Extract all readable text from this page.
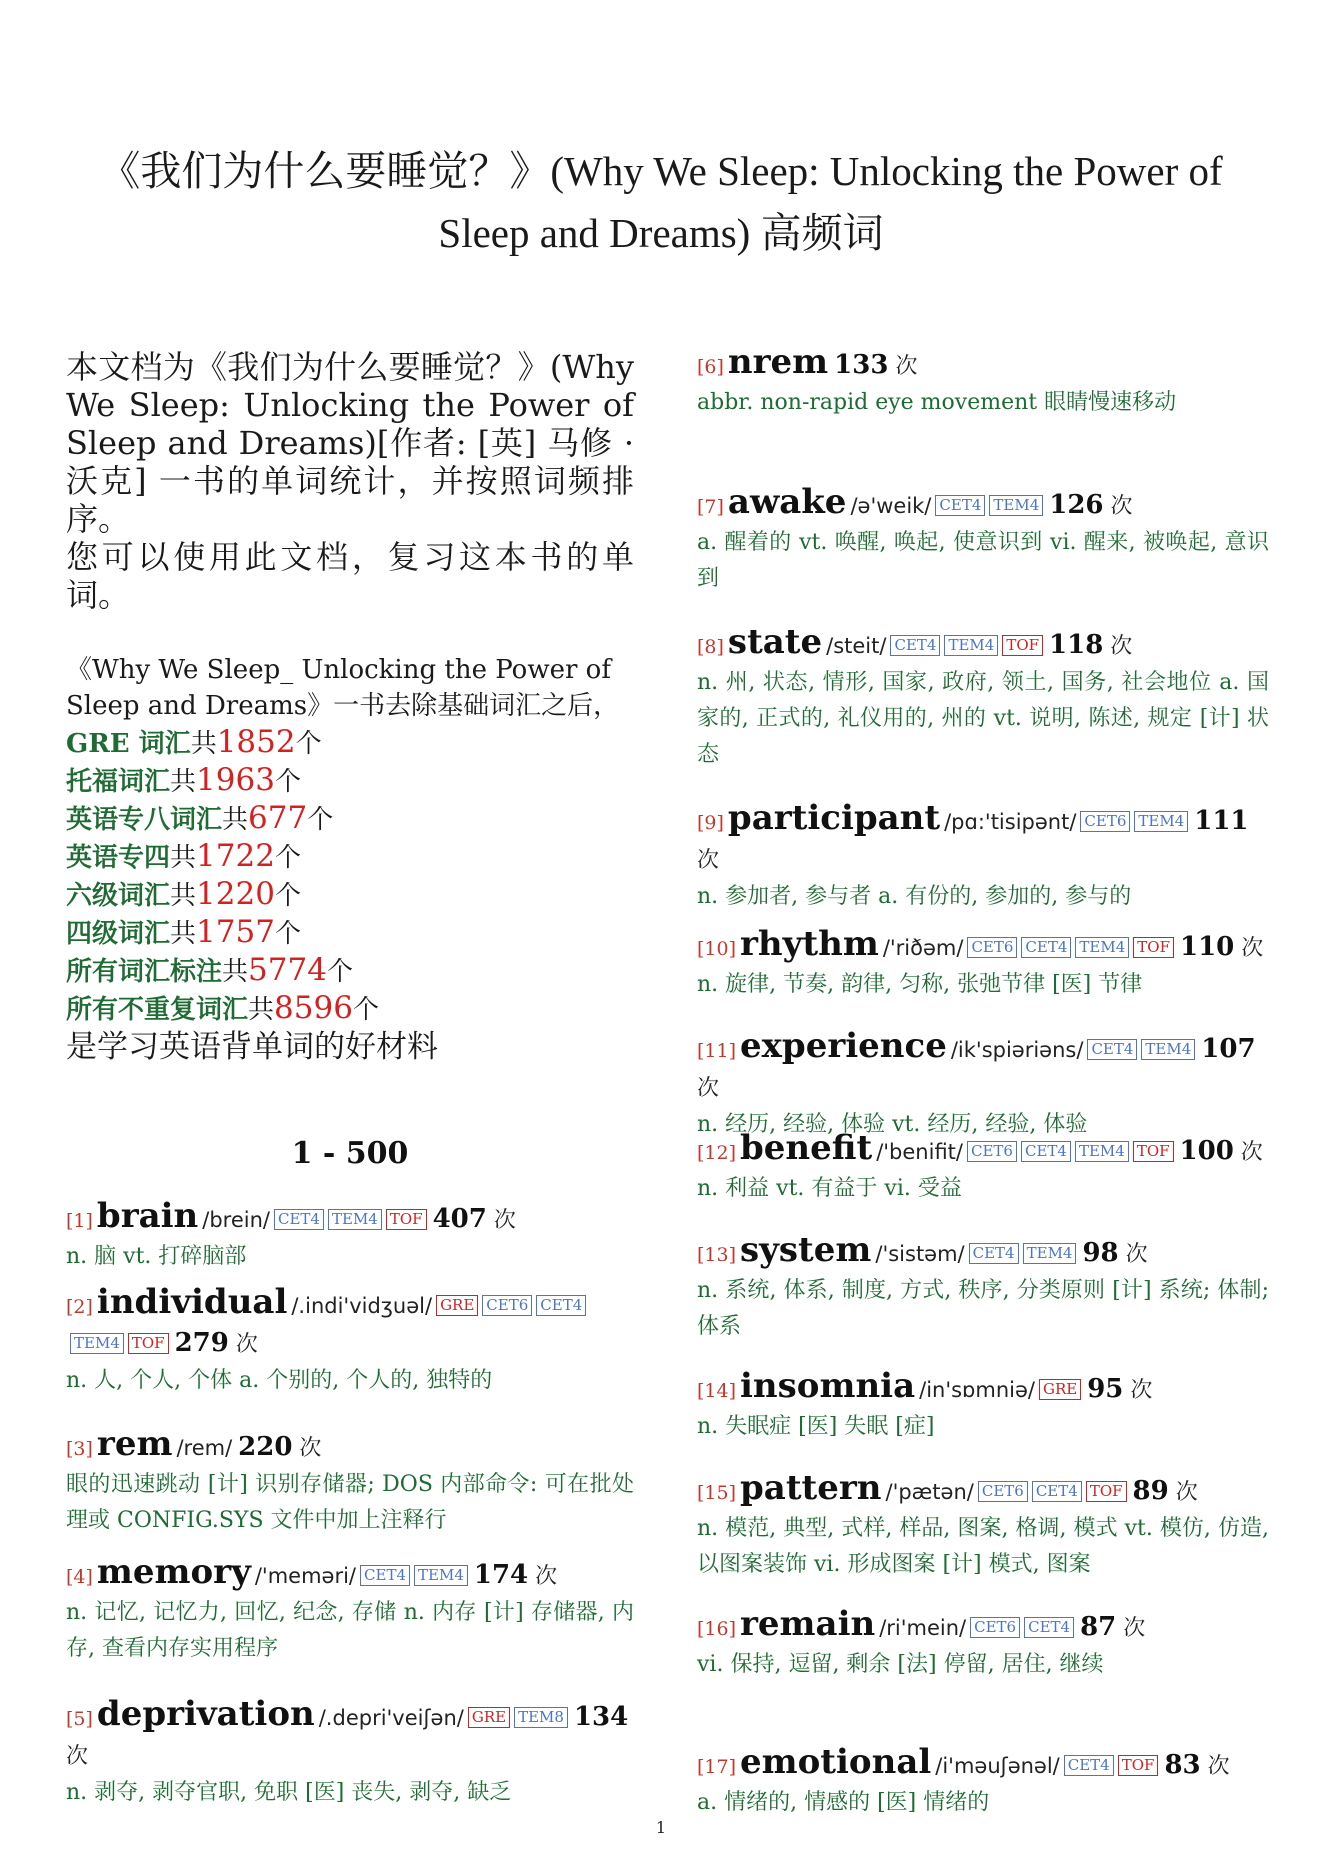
《我们为什么要睡觉？》(Why We Sleep: Unlocking the Power of Sleep and Dreams) 高频词
本文档为《我们为什么要睡觉？》(Why We Sleep: Unlocking the Power of Sleep and Dreams)[作者: [英] 马修 · 沃克] 一书的单词统计，并按照词频排序。
您可以使用此文档，复习这本书的单词。
《Why We Sleep_ Unlocking the Power of Sleep and Dreams》一书去除基础词汇之后，
GRE 词汇共1852个
托福词汇共1963个
英语专八词汇共677个
英语专四共1722个
六级词汇共1220个
四级词汇共1757个
所有词汇标注共5774个
所有不重复词汇共8596个
是学习英语背单词的好材料
1 - 500
[1] brain /brein/ CET4 TEM4 TOF 407 次
n. 脑 vt. 打碎脑部
[2] individual /.indi'vidʒuəl/ GRE CET6 CET4TEM4 TOF 279 次
n. 人, 个人, 个体 a. 个别的, 个人的, 独特的
[3] rem /rem/ 220 次
眼的迅速跳动 [计] 识别存储器; DOS 内部命令: 可在批处理或 CONFIG.SYS 文件中加上注释行
[4] memory /'meməri/ CET4 TEM4 174 次
n. 记忆, 记忆力, 回忆, 纪念, 存储 n. 内存 [计] 存储器, 内存, 查看内存实用程序
[5] deprivation /.depri'veiʃən/ GRE TEM8 134 次
n. 剥夺, 剥夺官职, 免职 [医] 丧失, 剥夺, 缺乏
[6] nrem 133 次
abbr. non-rapid eye movement 眼睛慢速移动
[7] awake /ə'weik/ CET4 TEM4 126 次
a. 醒着的 vt. 唤醒, 唤起, 使意识到 vi. 醒来, 被唤起, 意识到
[8] state /steit/ CET4 TEM4 TOF 118 次
n. 州, 状态, 情形, 国家, 政府, 领土, 国务, 社会地位 a. 国家的, 正式的, 礼仪用的, 州的 vt. 说明, 陈述, 规定 [计] 状态
[9] participant /pɑ:'tisipənt/ CET6 TEM4 111 次
n. 参加者, 参与者 a. 有份的, 参加的, 参与的
[10] rhythm /'riðəm/ CET6 CET4 TEM4 TOF 110 次
n. 旋律, 节奏, 韵律, 匀称, 张弛节律 [医] 节律
[11] experience /ik'spiəriəns/ CET4 TEM4 107 次
n. 经历, 经验, 体验 vt. 经历, 经验, 体验
[12] benefit /'benifit/ CET6 CET4 TEM4 TOF 100 次
n. 利益 vt. 有益于 vi. 受益
[13] system /'sistəm/ CET4 TEM4 98 次
n. 系统, 体系, 制度, 方式, 秩序, 分类原则 [计] 系统; 体制; 体系
[14] insomnia /in'sɒmniə/ GRE 95 次
n. 失眠症 [医] 失眠 [症]
[15] pattern /'pætən/ CET6 CET4 TOF 89 次
n. 模范, 典型, 式样, 样品, 图案, 格调, 模式 vt. 模仿, 仿造, 以图案装饰 vi. 形成图案 [计] 模式, 图案
[16] remain /ri'mein/ CET6 CET4 87 次
vi. 保持, 逗留, 剩余 [法] 停留, 居住, 继续
[17] emotional /i'məuʃənəl/ CET4 TOF 83 次
a. 情绪的, 情感的 [医] 情绪的
1
